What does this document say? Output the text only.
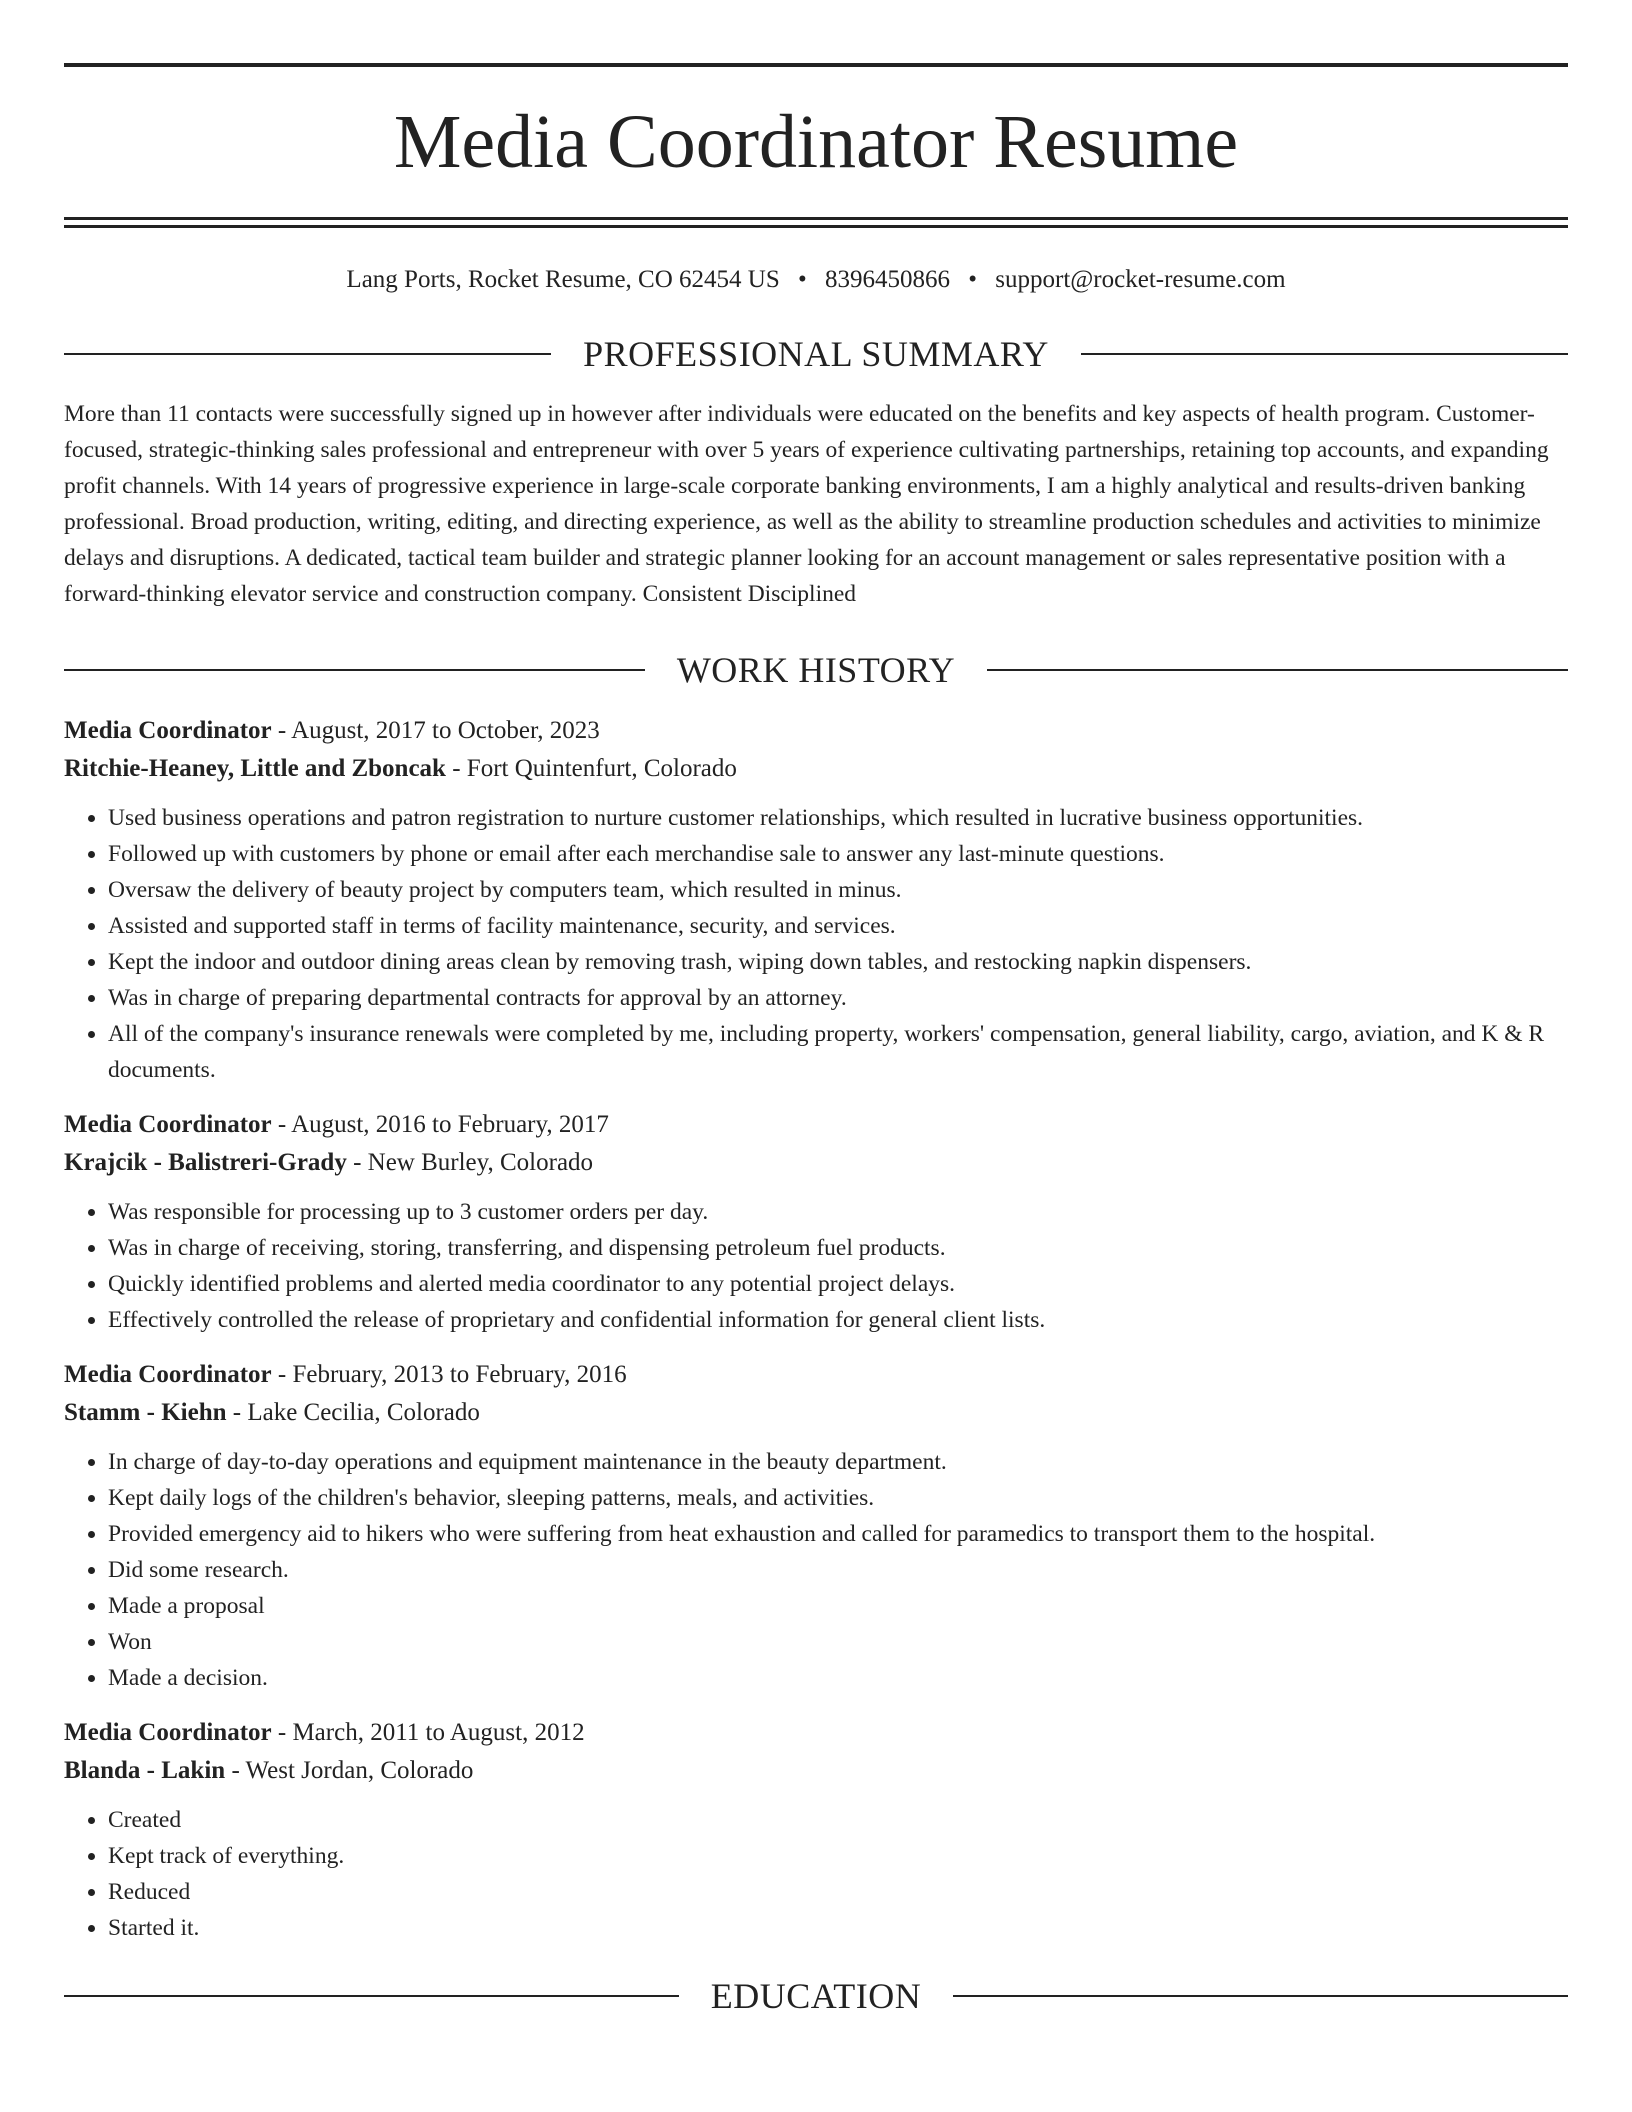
Media Coordinator Resume
Lang Ports, Rocket Resume, CO 62454 US • 8396450866 • support@rocket-resume.com
PROFESSIONAL SUMMARY

More than 11 contacts were successfully signed up in however after individuals were educated on the benefits and key aspects of health program. Customer-focused, strategic-thinking sales professional and entrepreneur with over 5 years of experience cultivating partnerships, retaining top accounts, and expanding profit channels. With 14 years of progressive experience in large-scale corporate banking environments, I am a highly analytical and results-driven banking professional. Broad production, writing, editing, and directing experience, as well as the ability to streamline production schedules and activities to minimize delays and disruptions. A dedicated, tactical team builder and strategic planner looking for an account management or sales representative position with a forward-thinking elevator service and construction company. Consistent Disciplined

WORK HISTORY
Media Coordinator - August, 2017 to October, 2023
Ritchie-Heaney, Little and Zboncak - Fort Quintenfurt, Colorado
• Used business operations and patron registration to nurture customer relationships, which resulted in lucrative business opportunities.
• Followed up with customers by phone or email after each merchandise sale to answer any last-minute questions.
• Oversaw the delivery of beauty project by computers team, which resulted in minus.
• Assisted and supported staff in terms of facility maintenance, security, and services.
• Kept the indoor and outdoor dining areas clean by removing trash, wiping down tables, and restocking napkin dispensers.
• Was in charge of preparing departmental contracts for approval by an attorney.
• All of the company's insurance renewals were completed by me, including property, workers' compensation, general liability, cargo, aviation, and K & R documents.
Media Coordinator - August, 2016 to February, 2017
Krajcik - Balistreri-Grady - New Burley, Colorado
• Was responsible for processing up to 3 customer orders per day.
• Was in charge of receiving, storing, transferring, and dispensing petroleum fuel products.
• Quickly identified problems and alerted media coordinator to any potential project delays.
• Effectively controlled the release of proprietary and confidential information for general client lists.
Media Coordinator - February, 2013 to February, 2016
Stamm - Kiehn - Lake Cecilia, Colorado
• In charge of day-to-day operations and equipment maintenance in the beauty department.
• Kept daily logs of the children's behavior, sleeping patterns, meals, and activities.
• Provided emergency aid to hikers who were suffering from heat exhaustion and called for paramedics to transport them to the hospital.
• Did some research.
• Made a proposal
• Won
• Made a decision.
Media Coordinator - March, 2011 to August, 2012
Blanda - Lakin - West Jordan, Colorado
• Created
• Kept track of everything.
• Reduced
• Started it.
EDUCATION
